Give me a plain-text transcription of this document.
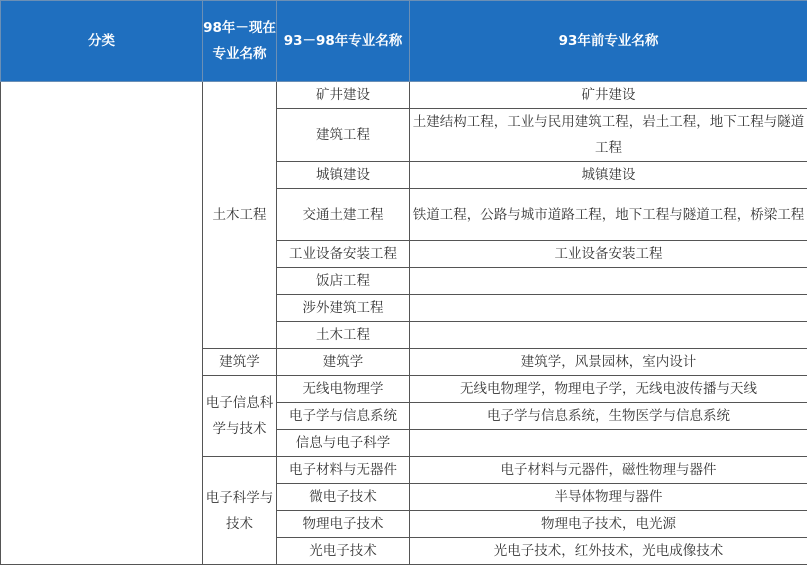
分类	98年－现在专业名称	93－98年专业名称	93年前专业名称
	土木工程	矿井建设	矿井建设
		建筑工程	土建结构工程，工业与民用建筑工程，岩土工程，地下工程与隧道工程
		城镇建设	城镇建设
		交通土建工程	铁道工程，公路与城市道路工程，地下工程与隧道工程，桥梁工程
		工业设备安装工程	工业设备安装工程
		饭店工程	
		涉外建筑工程	
		土木工程	
	建筑学	建筑学	建筑学，风景园林，室内设计
	电子信息科学与技术	无线电物理学	无线电物理学，物理电子学，无线电波传播与天线
		电子学与信息系统	电子学与信息系统，生物医学与信息系统
		信息与电子科学	
	电子科学与技术	电子材料与无器件	电子材料与元器件，磁性物理与器件
		微电子技术	半导体物理与器件
		物理电子技术	物理电子技术，电光源
		光电子技术	光电子技术，红外技术，光电成像技术
